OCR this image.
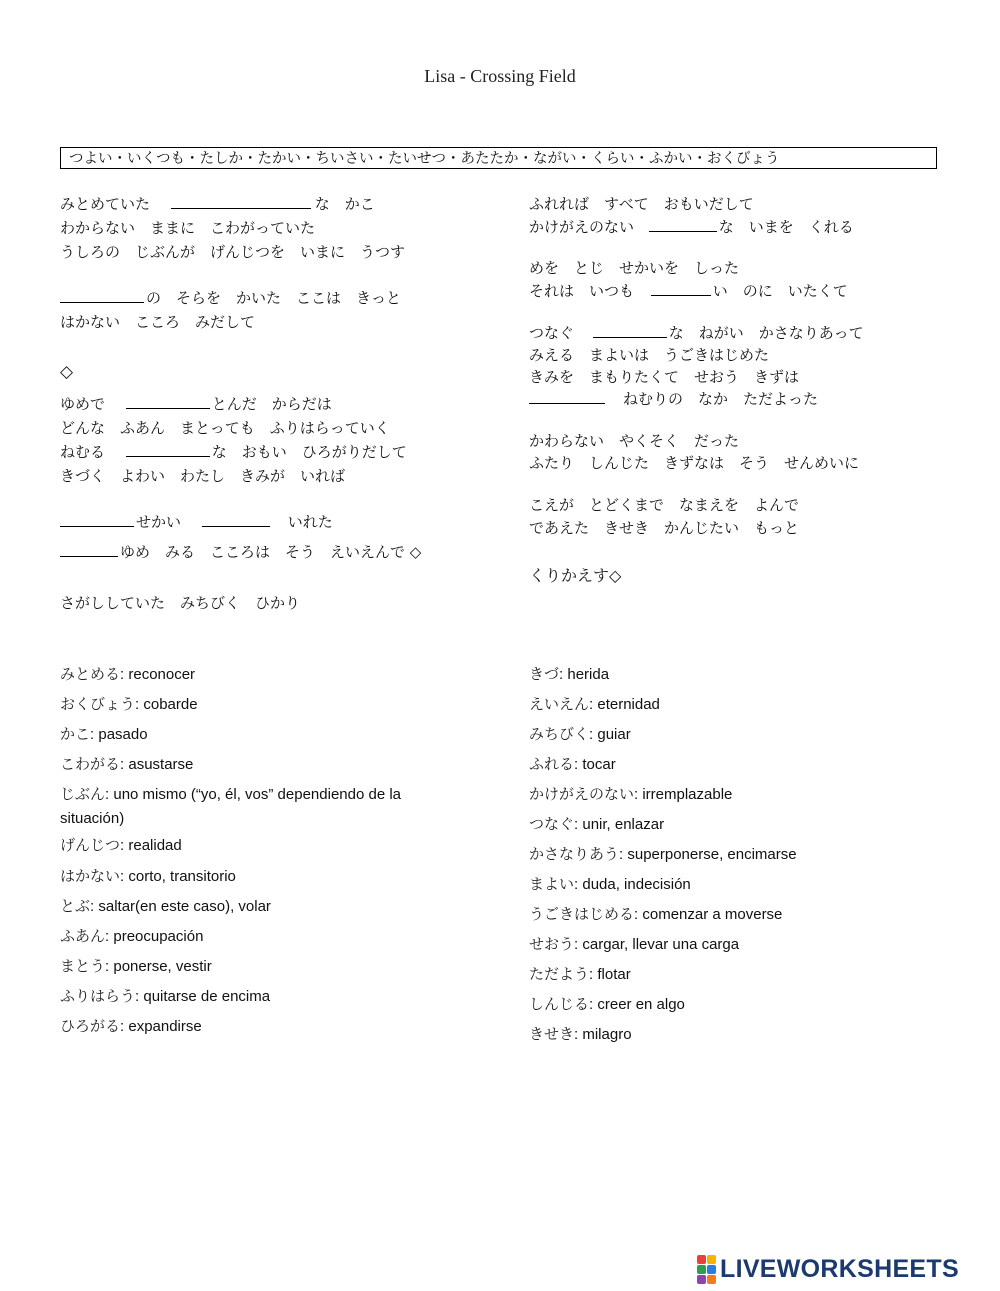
Lisa - Crossing Field
つよい・いくつも・たしか・たかい・ちいさい・たいせつ・あたたか・ながい・くらい・ふかい・おくびょう
みとめていた	な　かこ
わからない　ままに　こわがっていた
うしろの　じぶんが　げんじつを　いまに　うつす
の　そらを　かいた　ここは　きっと
はかない　こころ　みだして
◇
ゆめで	とんだ　からだは
どんな　ふあん　まとっても　ふりはらっていく
ねむる	な　おもい　ひろがりだして
きづく　よわい　わたし　きみが　いれば
せかい	いれた
ゆめ　みる　こころは　そう　えいえんで ◇
さがししていた　みちびく　ひかり
ふれれば　すべて　おもいだして
かけがえのない	な　いまを　くれる
めを　とじ　せかいを　しった
それは　いつも	い　のに　いたくて
つなぐ	な　ねがい　かさなりあって
みえる　まよいは　うごきはじめた
きみを　まもりたくて　せおう　きずは
ねむりの　なか　ただよった
かわらない　やくそく　だった
ふたり　しんじた　きずなは　そう　せんめいに
こえが　とどくまで　なまえを　よんで
であえた　きせき　かんじたい　もっと
くりかえす◇
みとめる: reconocer
おくびょう: cobarde
かこ: pasado
こわがる: asustarse
じぶん: uno mismo (“yo, él, vos” dependiendo de la
situación)
げんじつ: realidad
はかない: corto, transitorio
とぶ: saltar(en este caso), volar
ふあん: preocupación
まとう: ponerse, vestir
ふりはらう: quitarse de encima
ひろがる: expandirse
きづ: herida
えいえん: eternidad
みちびく: guiar
ふれる: tocar
かけがえのない: irremplazable
つなぐ: unir, enlazar
かさなりあう: superponerse, encimarse
まよい: duda, indecisión
うごきはじめる: comenzar a moverse
せおう: cargar, llevar una carga
ただよう: flotar
しんじる: creer en algo
きせき: milagro
LIVEWORKSHEETS
